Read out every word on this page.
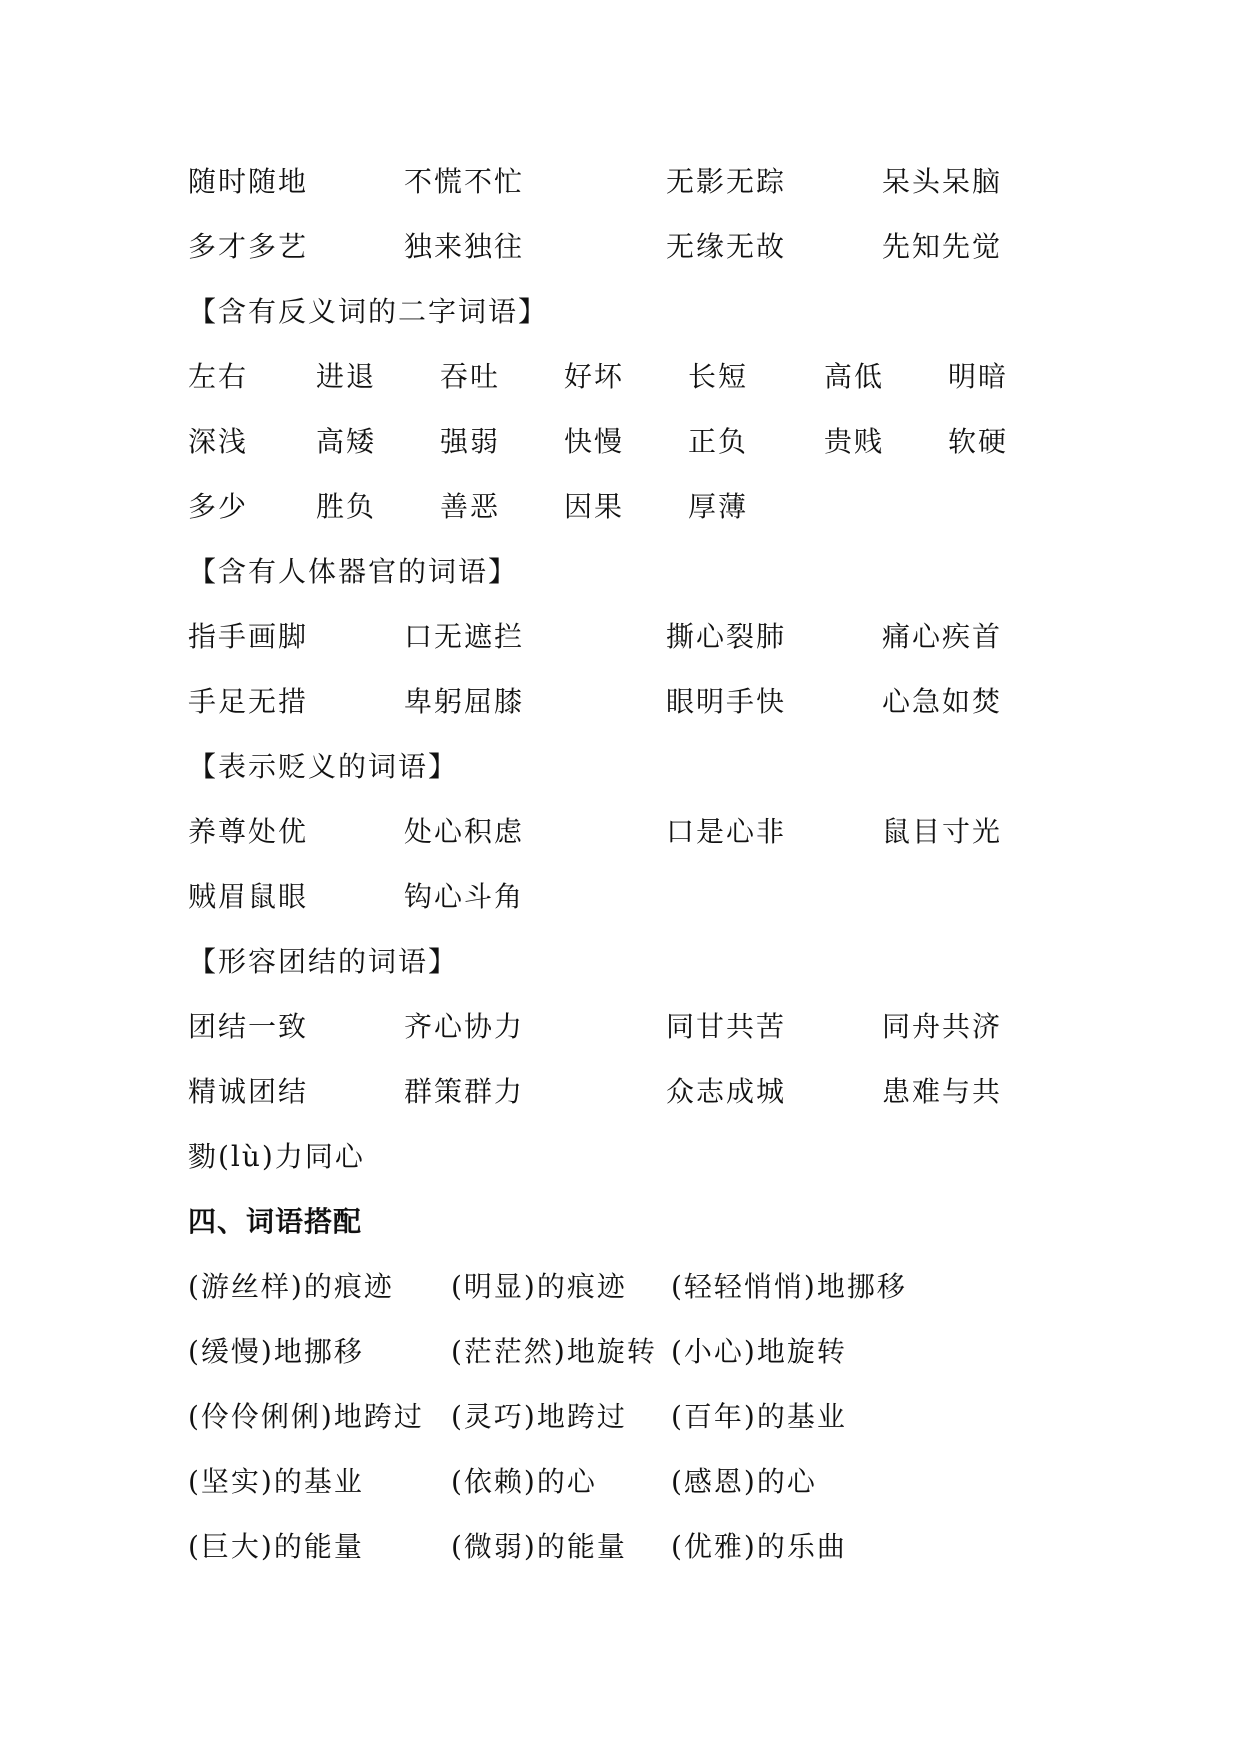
随时随地	不慌不忙	无影无踪	呆头呆脑
多才多艺	独来独往	无缘无故	先知先觉
【含有反义词的二字词语】
左右 进退 吞吐 好坏 长短	高低 明暗
深浅 高矮 强弱 快慢 正负	贵贱 软硬
多少 胜负 善恶 因果 厚薄
【含有人体器官的词语】
指手画脚	口无遮拦	撕心裂肺	痛心疾首
手足无措	卑躬屈膝	眼明手快	心急如焚
【表示贬义的词语】
养尊处优	处心积虑	口是心非	鼠目寸光
贼眉鼠眼	钩心斗角
【形容团结的词语】
团结一致	齐心协力	同甘共苦	同舟共济
精诚团结	群策群力	众志成城	患难与共
勠(lù)力同心
四、词语搭配
(游丝样)的痕迹 (明显)的痕迹 (轻轻悄悄)地挪移
(缓慢)地挪移	(茫茫然)地旋转 (小心)地旋转
(伶伶俐俐)地跨过 (灵巧)地跨过 (百年)的基业
(坚实)的基业	(依赖)的心	(感恩)的心
(巨大)的能量	(微弱)的能量 (优雅)的乐曲
